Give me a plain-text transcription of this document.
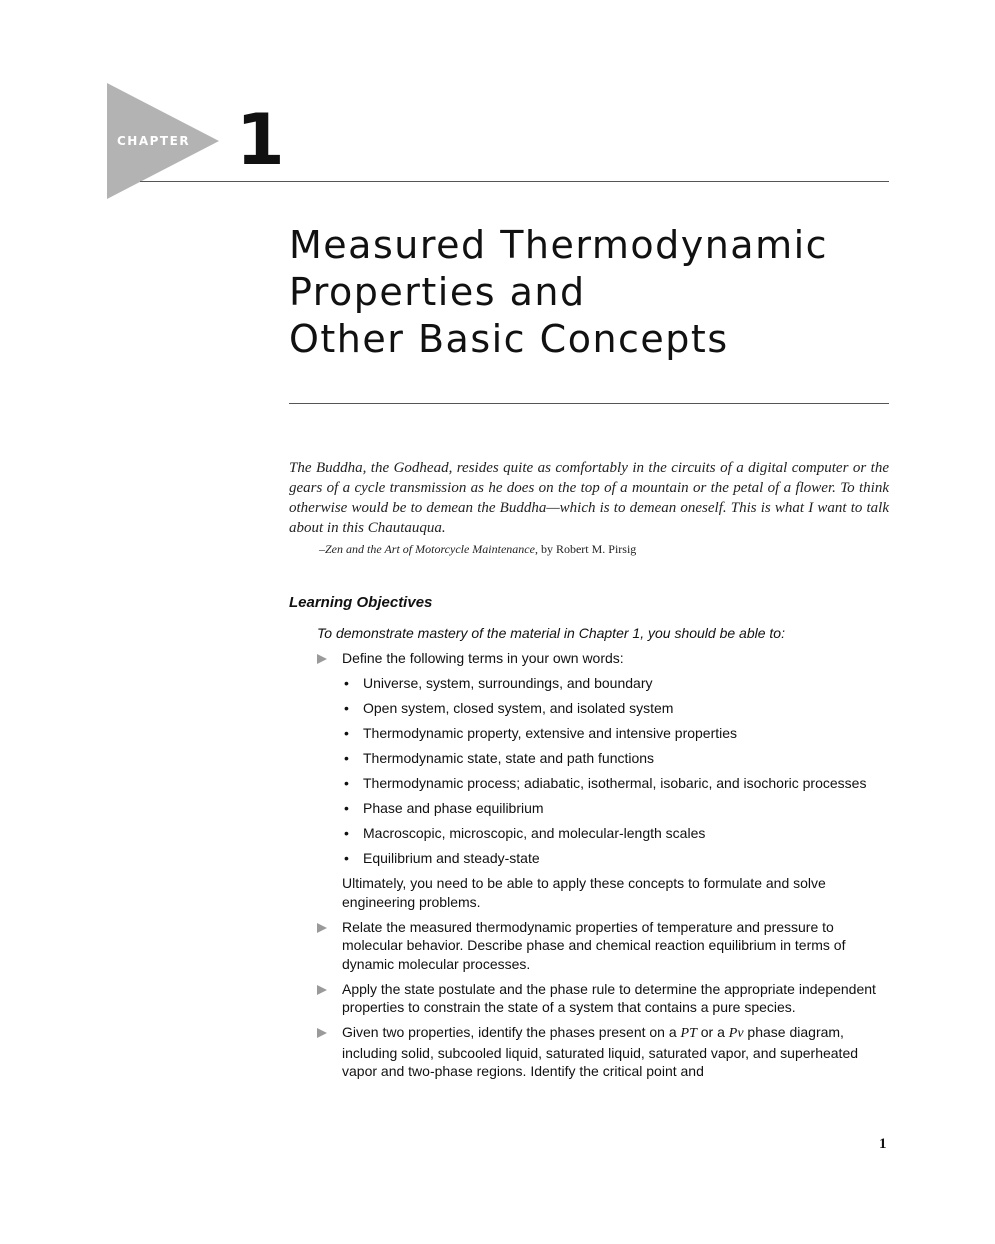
CHAPTER 1
Measured Thermodynamic
Properties and
Other Basic Concepts

The Buddha, the Godhead, resides quite as comfortably in the circuits of a digital computer or the gears of a cycle transmission as he does on the top of a mountain or the petal of a flower. To think otherwise would be to demean the Buddha—which is to demean oneself. This is what I want to talk about in this Chautauqua.

–Zen and the Art of Motorcycle Maintenance, by Robert M. Pirsig
Learning Objectives

To demonstrate mastery of the material in Chapter 1, you should be able to:

Define the following terms in your own words:
• Universe, system, surroundings, and boundary
• Open system, closed system, and isolated system
• Thermodynamic property, extensive and intensive properties
• Thermodynamic state, state and path functions
• Thermodynamic process; adiabatic, isothermal, isobaric, and isochoric processes
• Phase and phase equilibrium
• Macroscopic, microscopic, and molecular-length scales
• Equilibrium and steady-state
Ultimately, you need to be able to apply these concepts to formulate and solve engineering problems.
Relate the measured thermodynamic properties of temperature and pressure to molecular behavior. Describe phase and chemical reaction equilibrium in terms of dynamic molecular processes.
Apply the state postulate and the phase rule to determine the appropriate independent properties to constrain the state of a system that contains a pure species.
Given two properties, identify the phases present on a PT or a Pv phase diagram, including solid, subcooled liquid, saturated liquid, saturated vapor, and superheated vapor and two-phase regions. Identify the critical point and
1
